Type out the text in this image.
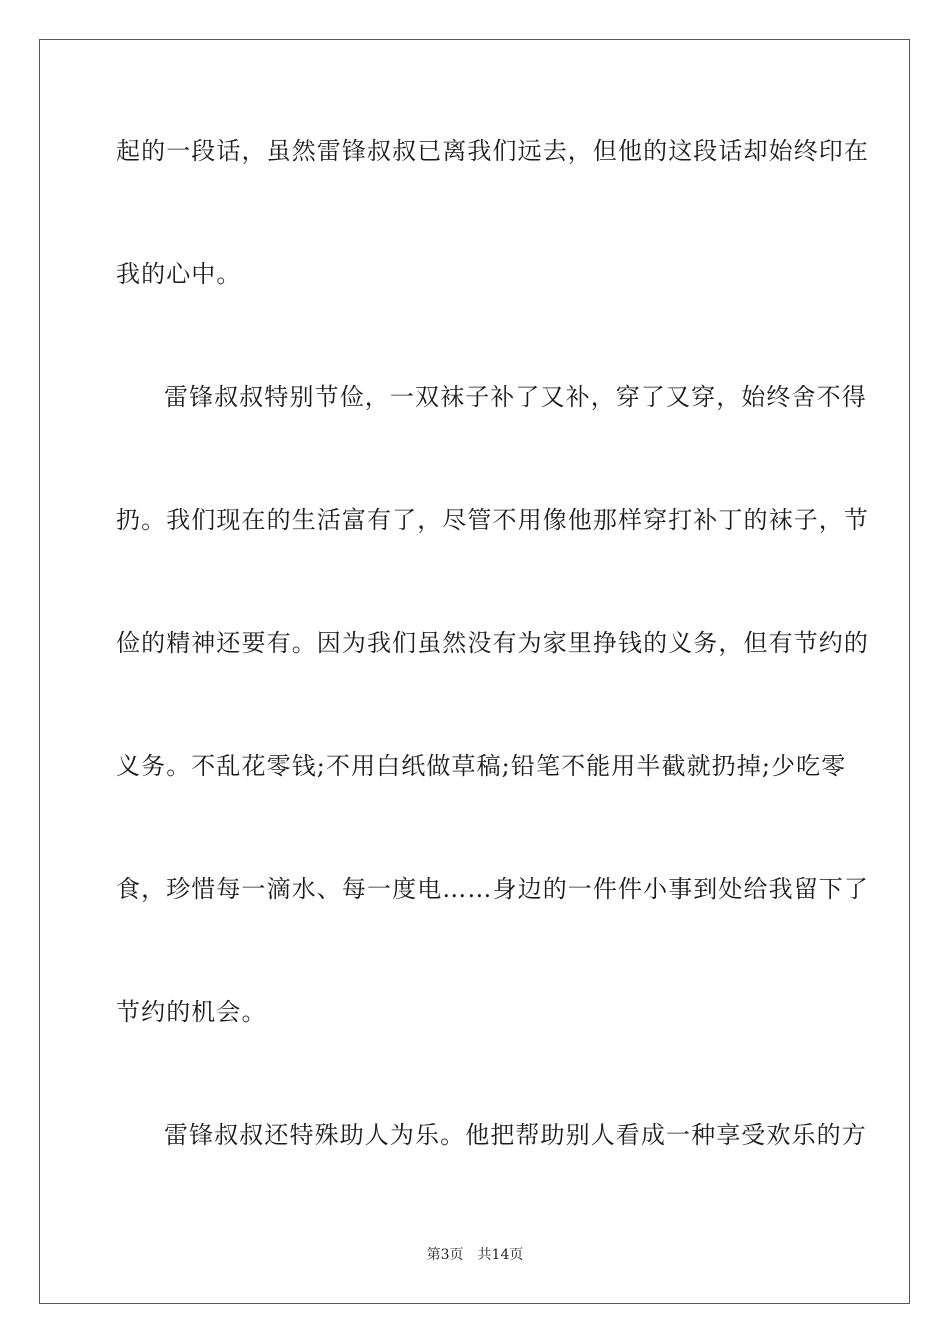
起的一段话，虽然雷锋叔叔已离我们远去，但他的这段话却始终印在
我的心中。
雷锋叔叔特别节俭，一双袜子补了又补，穿了又穿，始终舍不得
扔。我们现在的生活富有了，尽管不用像他那样穿打补丁的袜子，节
俭的精神还要有。因为我们虽然没有为家里挣钱的义务，但有节约的
义务。不乱花零钱;不用白纸做草稿;铅笔不能用半截就扔掉;少吃零
食，珍惜每一滴水、每一度电……身边的一件件小事到处给我留下了
节约的机会。
雷锋叔叔还特殊助人为乐。他把帮助别人看成一种享受欢乐的方
第3页 共14页
